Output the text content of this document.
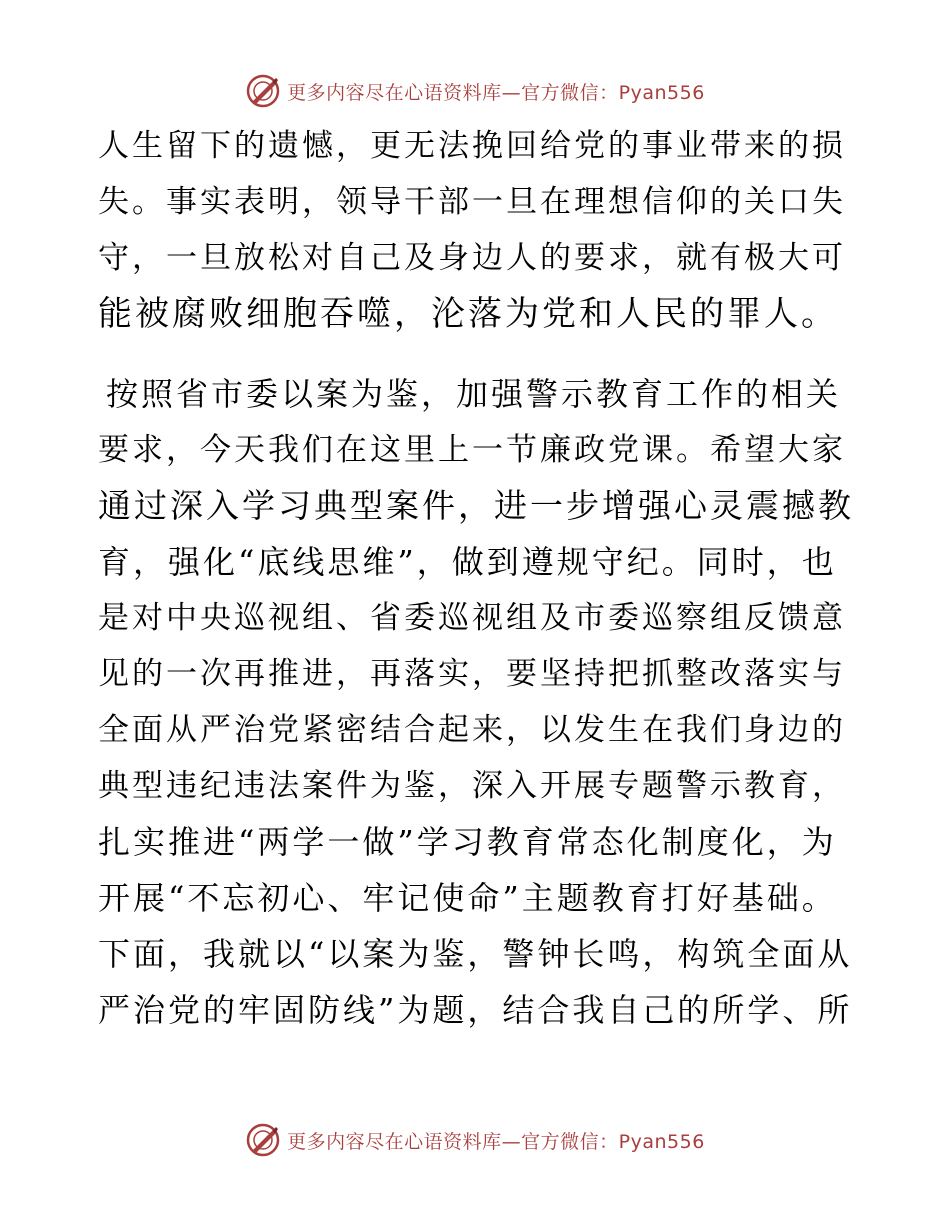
更多内容尽在心语资料库—官方微信：Pyan556
人生留下的遗憾，更无法挽回给党的事业带来的损
失。事实表明，领导干部一旦在理想信仰的关口失
守，一旦放松对自己及身边人的要求，就有极大可
能被腐败细胞吞噬，沦落为党和人民的罪人。
按照省市委以案为鉴，加强警示教育工作的相关
要求，今天我们在这里上一节廉政党课。希望大家
通过深入学习典型案件，进一步增强心灵震撼教
育，强化“底线思维”，做到遵规守纪。同时，也
是对中央巡视组、省委巡视组及市委巡察组反馈意
见的一次再推进，再落实，要坚持把抓整改落实与
全面从严治党紧密结合起来，以发生在我们身边的
典型违纪违法案件为鉴，深入开展专题警示教育，
扎实推进“两学一做”学习教育常态化制度化，为
开展“不忘初心、牢记使命”主题教育打好基础。
下面，我就以“以案为鉴，警钟长鸣，构筑全面从
严治党的牢固防线”为题，结合我自己的所学、所
更多内容尽在心语资料库—官方微信：Pyan556
